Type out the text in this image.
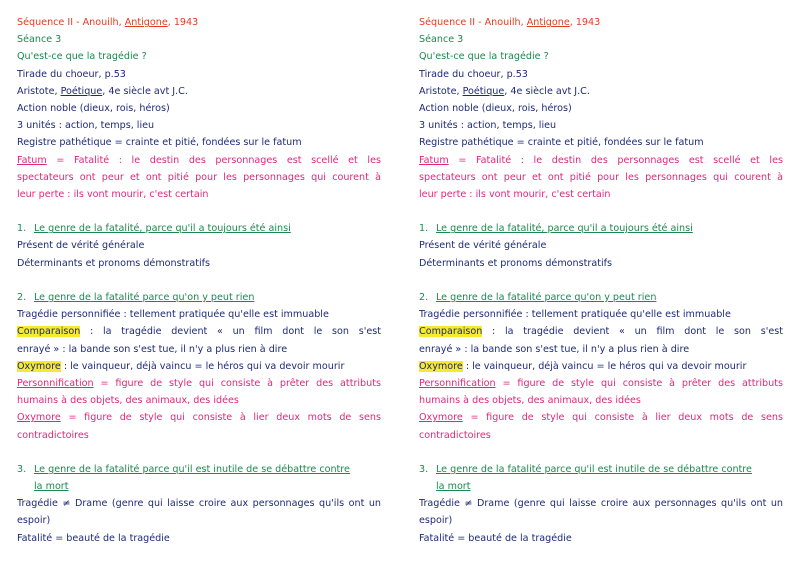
Séquence II - Anouilh, Antigone, 1943
Séance 3
Qu'est-ce que la tragédie ?
Tirade du choeur, p.53
Aristote, Poétique, 4e siècle avt J.C.
Action noble (dieux, rois, héros)
3 unités : action, temps, lieu
Registre pathétique = crainte et pitié, fondées sur le fatum
Fatum = Fatalité : le destin des personnages est scellé et les
spectateurs ont peur et ont pitié pour les personnages qui courent à
leur perte : ils vont mourir, c'est certain
1. Le genre de la fatalité, parce qu'il a toujours été ainsi
Présent de vérité générale
Déterminants et pronoms démonstratifs
2. Le genre de la fatalité parce qu'on y peut rien
Tragédie personnifiée : tellement pratiquée qu'elle est immuable
Comparaison : la tragédie devient « un film dont le son s'est
enrayé » : la bande son s'est tue, il n'y a plus rien à dire
Oxymore : le vainqueur, déjà vaincu = le héros qui va devoir mourir
Personnification = figure de style qui consiste à prêter des attributs
humains à des objets, des animaux, des idées
Oxymore = figure de style qui consiste à lier deux mots de sens
contradictoires
3. Le genre de la fatalité parce qu'il est inutile de se débattre contre
la mort
Tragédie ≠ Drame (genre qui laisse croire aux personnages qu'ils ont un
espoir)
Fatalité = beauté de la tragédie
Séquence II - Anouilh, Antigone, 1943
Séance 3
Qu'est-ce que la tragédie ?
Tirade du choeur, p.53
Aristote, Poétique, 4e siècle avt J.C.
Action noble (dieux, rois, héros)
3 unités : action, temps, lieu
Registre pathétique = crainte et pitié, fondées sur le fatum
Fatum = Fatalité : le destin des personnages est scellé et les
spectateurs ont peur et ont pitié pour les personnages qui courent à
leur perte : ils vont mourir, c'est certain
1. Le genre de la fatalité, parce qu'il a toujours été ainsi
Présent de vérité générale
Déterminants et pronoms démonstratifs
2. Le genre de la fatalité parce qu'on y peut rien
Tragédie personnifiée : tellement pratiquée qu'elle est immuable
Comparaison : la tragédie devient « un film dont le son s'est
enrayé » : la bande son s'est tue, il n'y a plus rien à dire
Oxymore : le vainqueur, déjà vaincu = le héros qui va devoir mourir
Personnification = figure de style qui consiste à prêter des attributs
humains à des objets, des animaux, des idées
Oxymore = figure de style qui consiste à lier deux mots de sens
contradictoires
3. Le genre de la fatalité parce qu'il est inutile de se débattre contre
la mort
Tragédie ≠ Drame (genre qui laisse croire aux personnages qu'ils ont un
espoir)
Fatalité = beauté de la tragédie
